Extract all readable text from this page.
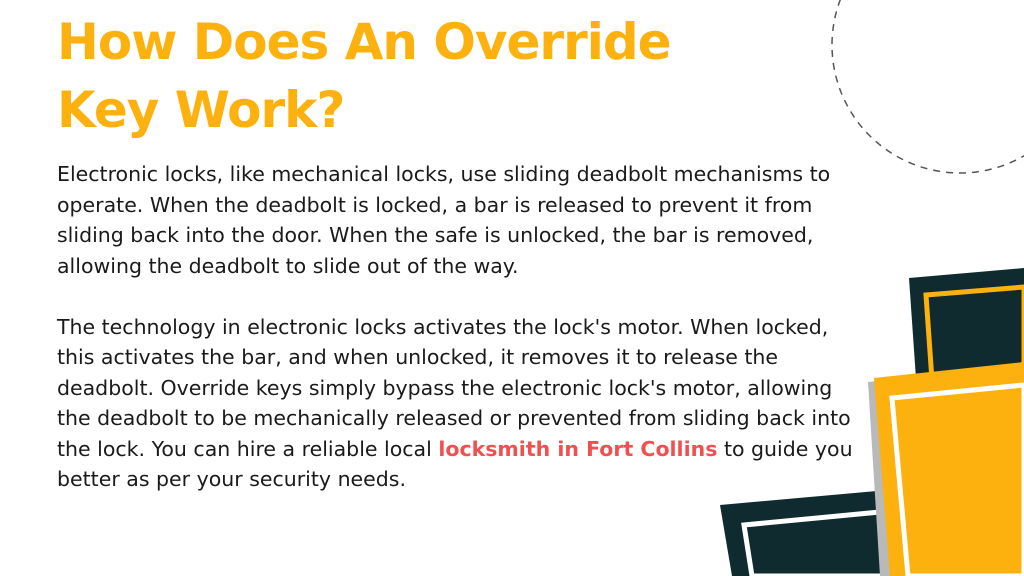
How Does An Override
Key Work?

Electronic locks, like mechanical locks, use sliding deadbolt mechanisms to operate. When the deadbolt is locked, a bar is released to prevent it from sliding back into the door. When the safe is unlocked, the bar is removed, allowing the deadbolt to slide out of the way.

The technology in electronic locks activates the lock's motor. When locked, this activates the bar, and when unlocked, it removes it to release the deadbolt. Override keys simply bypass the electronic lock's motor, allowing the deadbolt to be mechanically released or prevented from sliding back into the lock. You can hire a reliable local locksmith in Fort Collins to guide you better as per your security needs.
